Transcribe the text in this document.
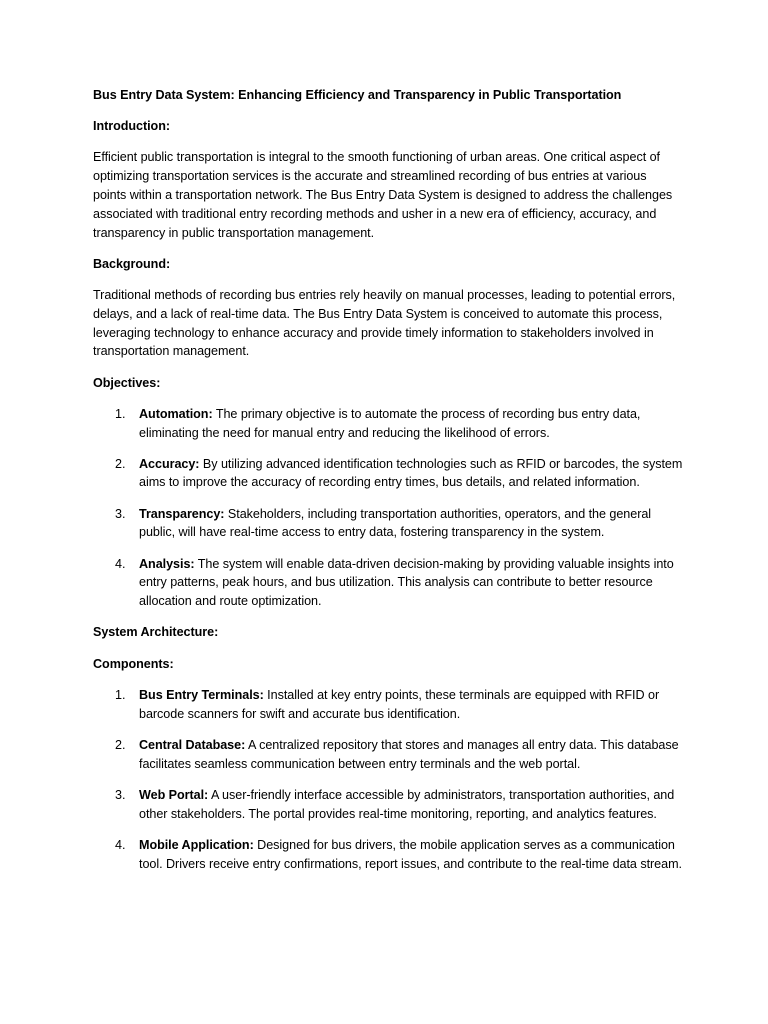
Bus Entry Data System: Enhancing Efficiency and Transparency in Public Transportation

Introduction:

Efficient public transportation is integral to the smooth functioning of urban areas. One critical aspect of optimizing transportation services is the accurate and streamlined recording of bus entries at various points within a transportation network. The Bus Entry Data System is designed to address the challenges associated with traditional entry recording methods and usher in a new era of efficiency, accuracy, and transparency in public transportation management.

Background:

Traditional methods of recording bus entries rely heavily on manual processes, leading to potential errors, delays, and a lack of real-time data. The Bus Entry Data System is conceived to automate this process, leveraging technology to enhance accuracy and provide timely information to stakeholders involved in transportation management.

Objectives:

1. Automation: The primary objective is to automate the process of recording bus entry data, eliminating the need for manual entry and reducing the likelihood of errors.
2. Accuracy: By utilizing advanced identification technologies such as RFID or barcodes, the system aims to improve the accuracy of recording entry times, bus details, and related information.
3. Transparency: Stakeholders, including transportation authorities, operators, and the general public, will have real-time access to entry data, fostering transparency in the system.
4. Analysis: The system will enable data-driven decision-making by providing valuable insights into entry patterns, peak hours, and bus utilization. This analysis can contribute to better resource allocation and route optimization.

System Architecture:

Components:

1. Bus Entry Terminals: Installed at key entry points, these terminals are equipped with RFID or barcode scanners for swift and accurate bus identification.
2. Central Database: A centralized repository that stores and manages all entry data. This database facilitates seamless communication between entry terminals and the web portal.
3. Web Portal: A user-friendly interface accessible by administrators, transportation authorities, and other stakeholders. The portal provides real-time monitoring, reporting, and analytics features.
4. Mobile Application: Designed for bus drivers, the mobile application serves as a communication tool. Drivers receive entry confirmations, report issues, and contribute to the real-time data stream.
